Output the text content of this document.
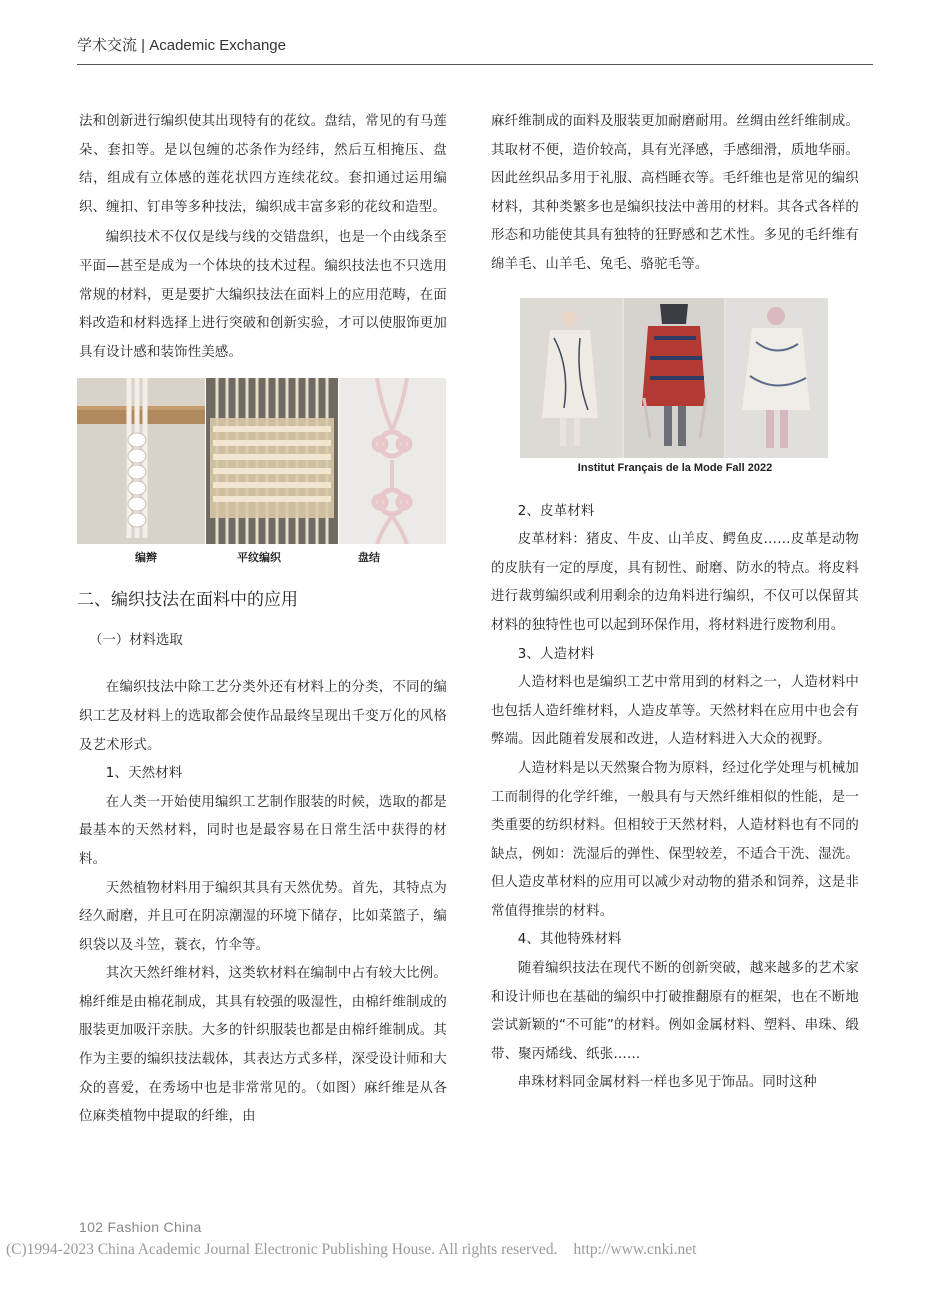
学术交流 | Academic Exchange

法和创新进行编织使其出现特有的花纹。盘结，常见的有马莲朵、套扣等。是以包缠的芯条作为经纬，然后互相掩压、盘结，组成有立体感的莲花状四方连续花纹。套扣通过运用编织、缠扣、钉串等多种技法，编织成丰富多彩的花纹和造型。

编织技术不仅仅是线与线的交错盘织，也是一个由线条至平面—甚至是成为一个体块的技术过程。编织技法也不只选用常规的材料，更是要扩大编织技法在面料上的应用范畴，在面料改造和材料选择上进行突破和创新实验，才可以使服饰更加具有设计感和装饰性美感。

编辫	平纹编织	盘结
二、编织技法在面料中的应用
（一）材料选取

在编织技法中除工艺分类外还有材料上的分类，不同的编织工艺及材料上的选取都会使作品最终呈现出千变万化的风格及艺术形式。

1、天然材料

在人类一开始使用编织工艺制作服装的时候，选取的都是最基本的天然材料，同时也是最容易在日常生活中获得的材料。

天然植物材料用于编织其具有天然优势。首先，其特点为经久耐磨，并且可在阴凉潮湿的环境下储存，比如菜篮子，编织袋以及斗笠，蓑衣，竹伞等。

其次天然纤维材料，这类软材料在编制中占有较大比例。棉纤维是由棉花制成，其具有较强的吸湿性，由棉纤维制成的服装更加吸汗亲肤。大多的针织服装也都是由棉纤维制成。其作为主要的编织技法载体，其表达方式多样，深受设计师和大众的喜爱，在秀场中也是非常常见的。（如图）麻纤维是从各位麻类植物中提取的纤维，由

麻纤维制成的面料及服装更加耐磨耐用。丝绸由丝纤维制成。其取材不便，造价较高，具有光泽感，手感细滑，质地华丽。因此丝织品多用于礼服、高档睡衣等。毛纤维也是常见的编织材料，其种类繁多也是编织技法中善用的材料。其各式各样的形态和功能使其具有独特的狂野感和艺术性。多见的毛纤维有绵羊毛、山羊毛、兔毛、骆驼毛等。

Institut Français de la Mode Fall 2022

2、皮革材料

皮革材料：猪皮、牛皮、山羊皮、鳄鱼皮……皮革是动物的皮肤有一定的厚度，具有韧性、耐磨、防水的特点。将皮料进行裁剪编织或利用剩余的边角料进行编织，不仅可以保留其材料的独特性也可以起到环保作用，将材料进行废物利用。

3、人造材料

人造材料也是编织工艺中常用到的材料之一，人造材料中也包括人造纤维材料，人造皮革等。天然材料在应用中也会有弊端。因此随着发展和改进，人造材料进入大众的视野。

人造材料是以天然聚合物为原料，经过化学处理与机械加工而制得的化学纤维，一般具有与天然纤维相似的性能，是一类重要的纺织材料。但相较于天然材料，人造材料也有不同的缺点，例如：洗湿后的弹性、保型较差，不适合干洗、湿洗。但人造皮革材料的应用可以减少对动物的猎杀和饲养，这是非常值得推崇的材料。

4、其他特殊材料

随着编织技法在现代不断的创新突破，越来越多的艺术家和设计师也在基础的编织中打破推翻原有的框架，也在不断地尝试新颖的“不可能”的材料。例如金属材料、塑料、串珠、缎带、聚丙烯线、纸张……

串珠材料同金属材料一样也多见于饰品。同时这种

102 Fashion China
(C)1994-2023 China Academic Journal Electronic Publishing House. All rights reserved. http://www.cnki.net
